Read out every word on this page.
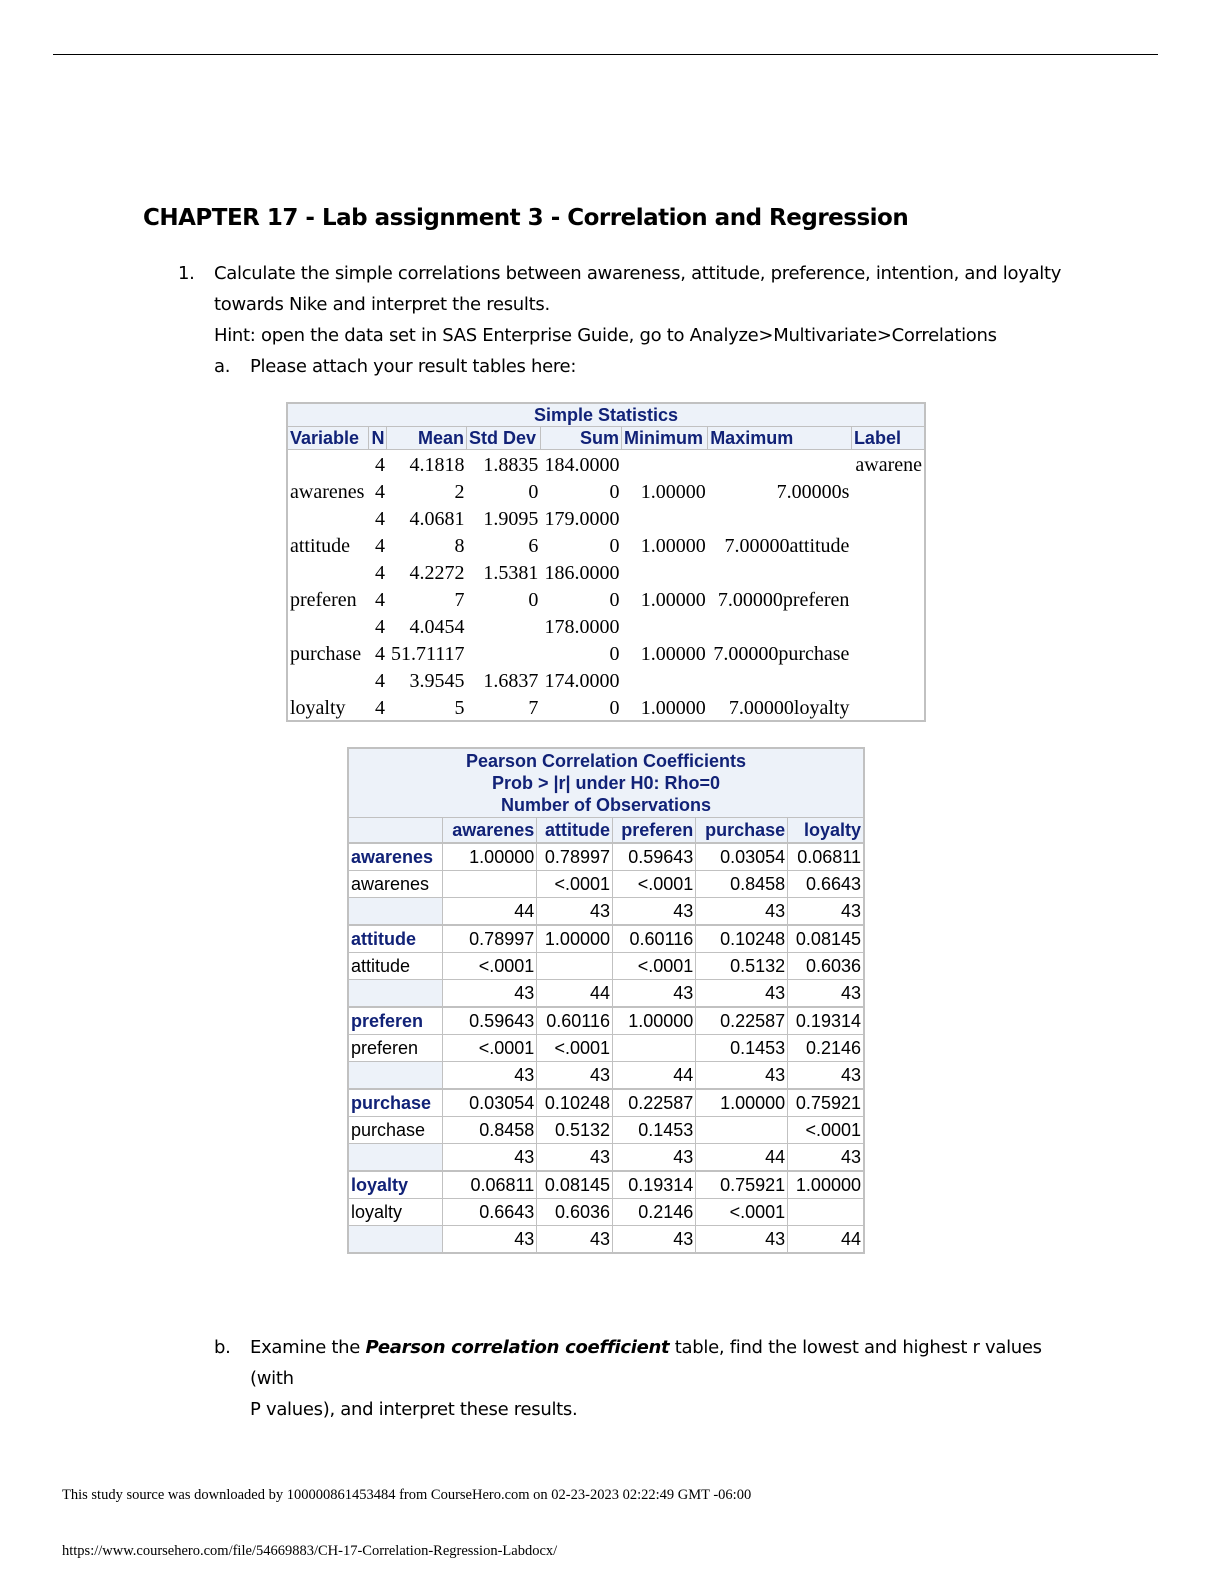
CHAPTER 17 - Lab assignment 3 - Correlation and Regression
1. Calculate the simple correlations between awareness, attitude, preference, intention, and loyalty
towards Nike and interpret the results.
Hint: open the data set in SAS Enterprise Guide, go to Analyze>Multivariate>Correlations
a. Please attach your result tables here:
Simple Statistics							
Variable	N	Mean	Std Dev	Sum	Minimum	Maximum	Label
	4	4.1818	1.8835	184.0000			awarene
awarenes	4	2	0	0	1.00000	7.00000s	
	4	4.0681	1.9095	179.0000			
attitude	4	8	6	0	1.00000	7.00000attitude	
	4	4.2272	1.5381	186.0000			
preferen	4	7	0	0	1.00000	7.00000preferen	
	4	4.0454		178.0000			
purchase	4	51.71117		0	1.00000	7.00000purchase	
	4	3.9545	1.6837	174.0000			
loyalty	4	5	7	0	1.00000	7.00000loyalty	
Pearson Correlation Coefficients
Prob > |r| under H0: Rho=0
Number of Observations					

	awarenes	attitude	preferen	purchase	loyalty
awarenes	1.00000	0.78997	0.59643	0.03054	0.06811
awarenes		<.0001	<.0001	0.8458	0.6643
	44	43	43	43	43
attitude	0.78997	1.00000	0.60116	0.10248	0.08145
attitude	<.0001		<.0001	0.5132	0.6036
	43	44	43	43	43
preferen	0.59643	0.60116	1.00000	0.22587	0.19314
preferen	<.0001	<.0001		0.1453	0.2146
	43	43	44	43	43
purchase	0.03054	0.10248	0.22587	1.00000	0.75921
purchase	0.8458	0.5132	0.1453		<.0001
	43	43	43	44	43
loyalty	0.06811	0.08145	0.19314	0.75921	1.00000
loyalty	0.6643	0.6036	0.2146	<.0001	
	43	43	43	43	44
b. Examine the Pearson correlation coefficient table, find the lowest and highest r values (with
P values), and interpret these results.
This study source was downloaded by 100000861453484 from CourseHero.com on 02-23-2023 02:22:49 GMT -06:00
https://www.coursehero.com/file/54669883/CH-17-Correlation-Regression-Labdocx/
